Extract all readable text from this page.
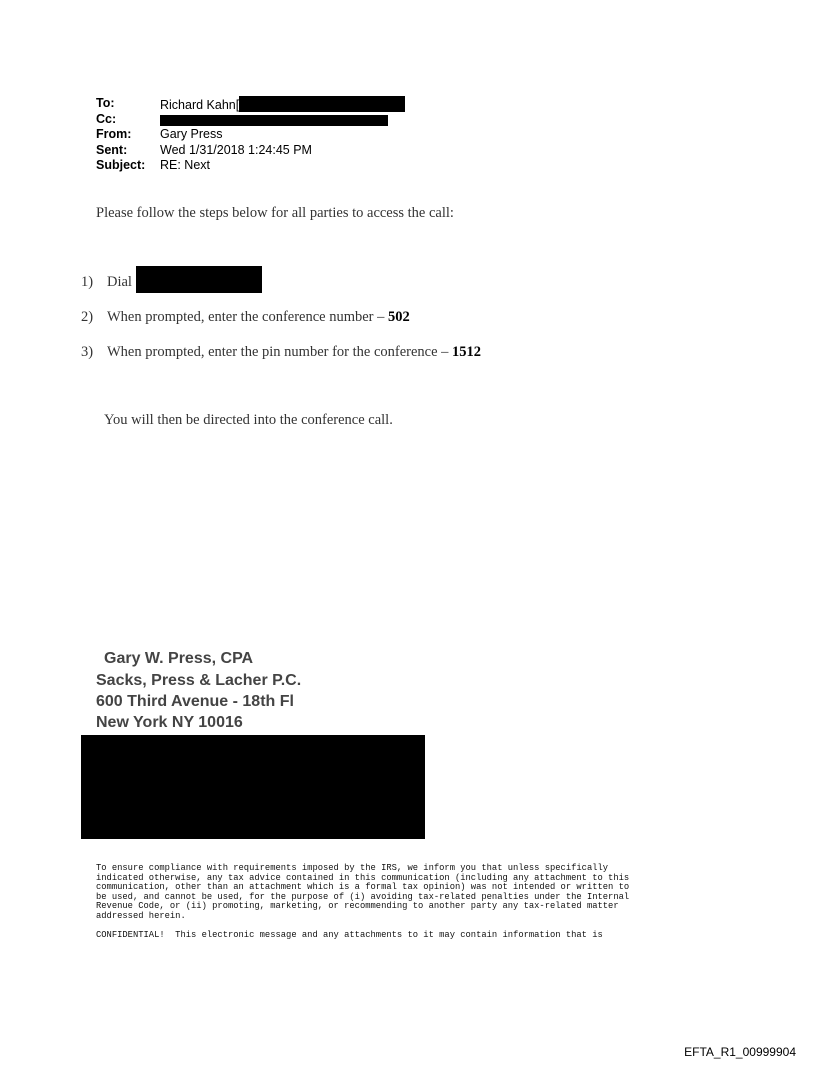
To:	Richard Kahn[
Cc:
From:	Gary Press
Sent:	Wed 1/31/2018 1:24:45 PM
Subject:	RE: Next
Please follow the steps below for all parties to access the call:
1) Dial
2) When prompted, enter the conference number – 502
3) When prompted, enter the pin number for the conference – 1512
You will then be directed into the conference call.
Gary W. Press, CPA
Sacks, Press & Lacher P.C.
600 Third Avenue - 18th Fl
New York NY 10016
To ensure compliance with requirements imposed by the IRS, we inform you that unless specifically
indicated otherwise, any tax advice contained in this communication (including any attachment to this
communication, other than an attachment which is a formal tax opinion) was not intended or written to
be used, and cannot be used, for the purpose of (i) avoiding tax-related penalties under the Internal
Revenue Code, or (ii) promoting, marketing, or recommending to another party any tax-related matter
addressed herein.

CONFIDENTIAL!  This electronic message and any attachments to it may contain information that is
EFTA_R1_00999904
